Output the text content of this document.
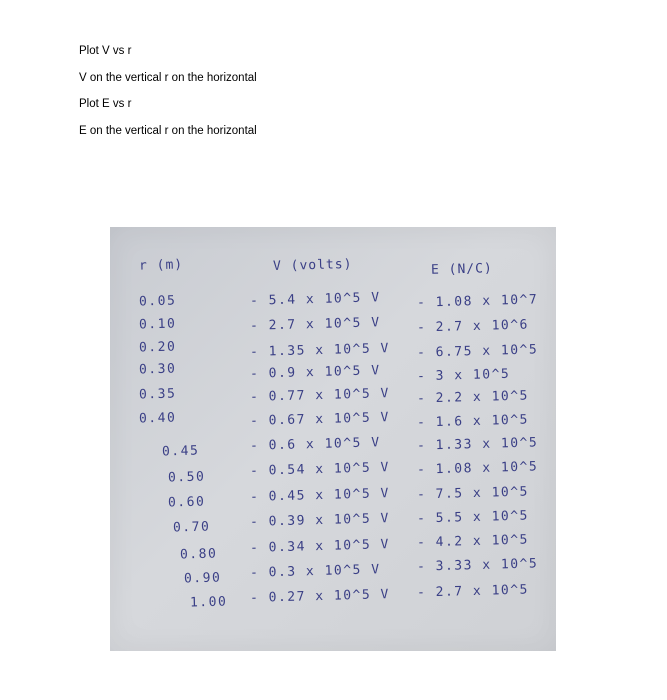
Plot V vs r
V on the vertical r on the horizontal
Plot E vs r
E on the vertical r on the horizontal
r (m)	V (volts)	E (N/C)
0.05	- 5.4 x 10^5 V	- 1.08 x 10^7
0.10	- 2.7 x 10^5 V	- 2.7 x 10^6
0.20	- 1.35 x 10^5 V - 6.75 x 10^5
0.30	- 0.9 x 10^5 V	- 3 x 10^5
0.35	- 0.77 x 10^5 V - 2.2 x 10^5
0.40	- 0.67 x 10^5 V - 1.6 x 10^5
0.45	- 0.6 x 10^5 V	- 1.33 x 10^5
0.50	- 0.54 x 10^5 V - 1.08 x 10^5
0.60	- 0.45 x 10^5 V - 7.5 x 10^5
0.70	- 0.39 x 10^5 V - 5.5 x 10^5
0.80 - 0.34 x 10^5 V - 4.2 x 10^5
0.90 - 0.3 x 10^5 V	- 3.33 x 10^5
1.00 - 0.27 x 10^5 V - 2.7 x 10^5
